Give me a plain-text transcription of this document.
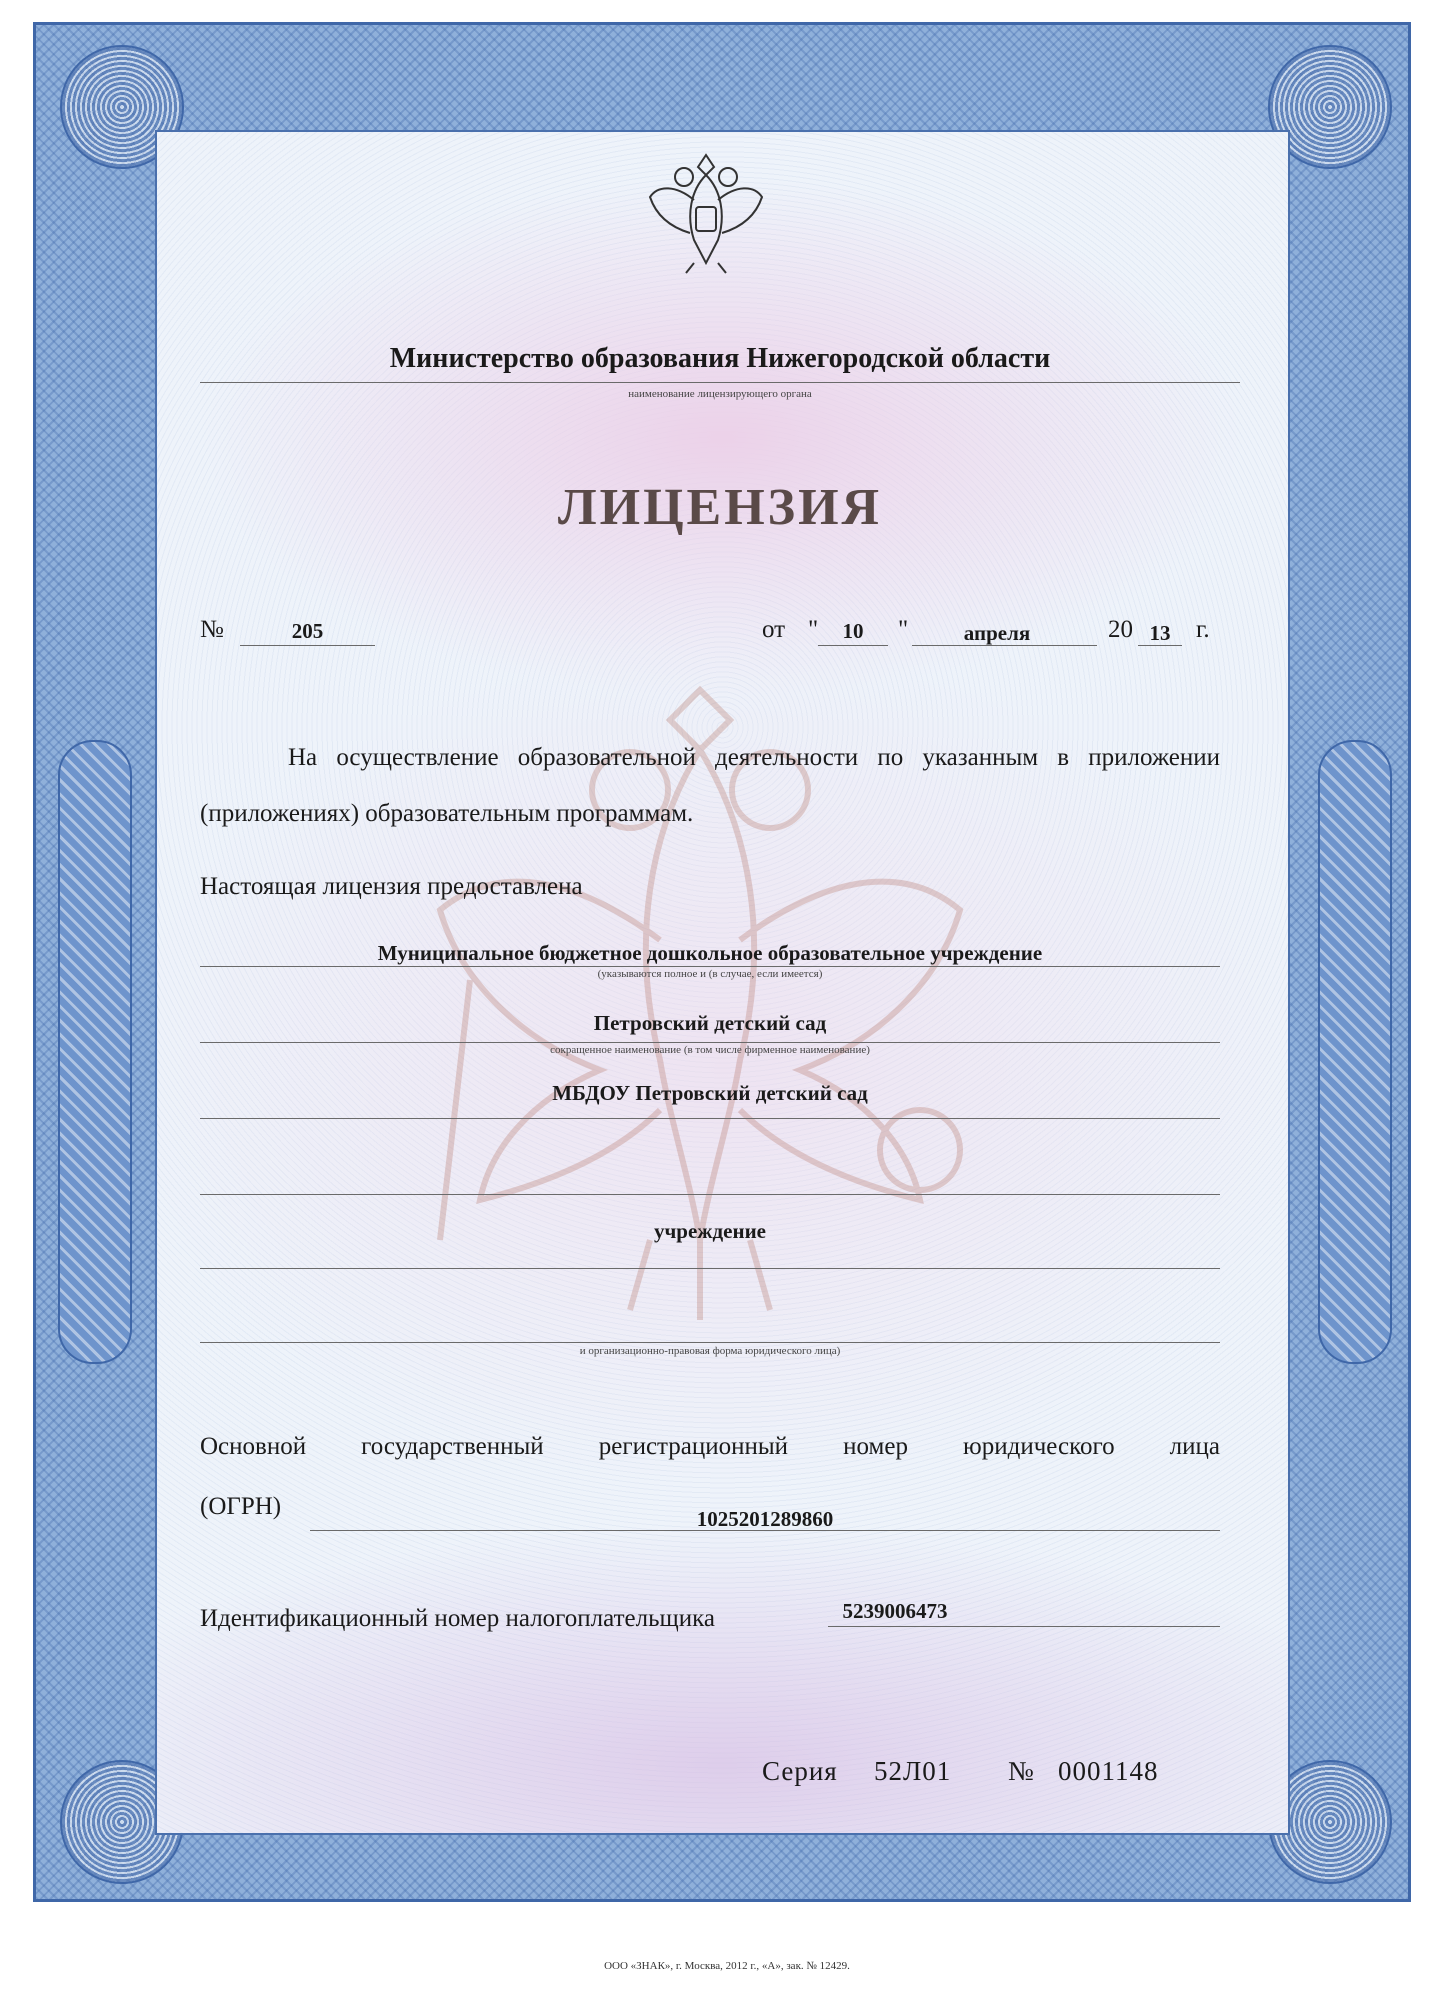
Министерство образования Нижегородской области
наименование лицензирующего органа
ЛИЦЕНЗИЯ
№	205	от "	10	"	апреля	20 13	г.
На осуществление образовательной деятельности по указанным в приложении (приложениях) образовательным программам.
Настоящая лицензия предоставлена
Муниципальное бюджетное дошкольное образовательное учреждение
(указываются полное и (в случае, если имеется)
Петровский детский сад
сокращенное наименование (в том числе фирменное наименование)
МБДОУ Петровский детский сад
учреждение
и организационно-правовая форма юридического лица)
Основной государственный регистрационный номер юридического лица
(ОГРН)	1025201289860
Идентификационный номер налогоплательщика	5239006473
Серия 52Л01 № 0001148
ООО «ЗНАК», г. Москва, 2012 г., «А», зак. № 12429.
